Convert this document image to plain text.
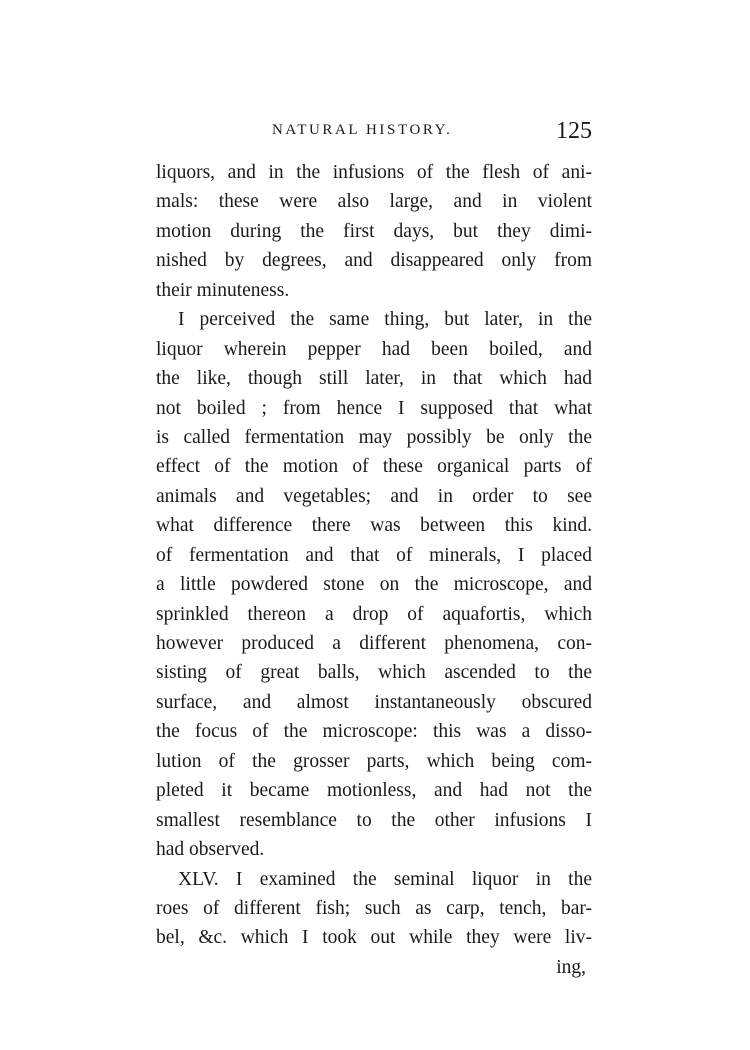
NATURAL HISTORY.	125
liquors, and in the infusions of the flesh of ani-
mals: these were also large, and in violent
motion during the first days, but they dimi-
nished by degrees, and disappeared only from
their minuteness.
I perceived the same thing, but later, in the
liquor wherein pepper had been boiled, and
the like, though still later, in that which had
not boiled ; from hence I supposed that what
is called fermentation may possibly be only the
effect of the motion of these organical parts of
animals and vegetables; and in order to see
what difference there was between this kind.
of fermentation and that of minerals, I placed
a little powdered stone on the microscope, and
sprinkled thereon a drop of aquafortis, which
however produced a different phenomena, con-
sisting of great balls, which ascended to the
surface, and almost instantaneously obscured
the focus of the microscope: this was a disso-
lution of the grosser parts, which being com-
pleted it became motionless, and had not the
smallest resemblance to the other infusions I
had observed.
XLV. I examined the seminal liquor in the
roes of different fish; such as carp, tench, bar-
bel, &c. which I took out while they were liv-
ing,
